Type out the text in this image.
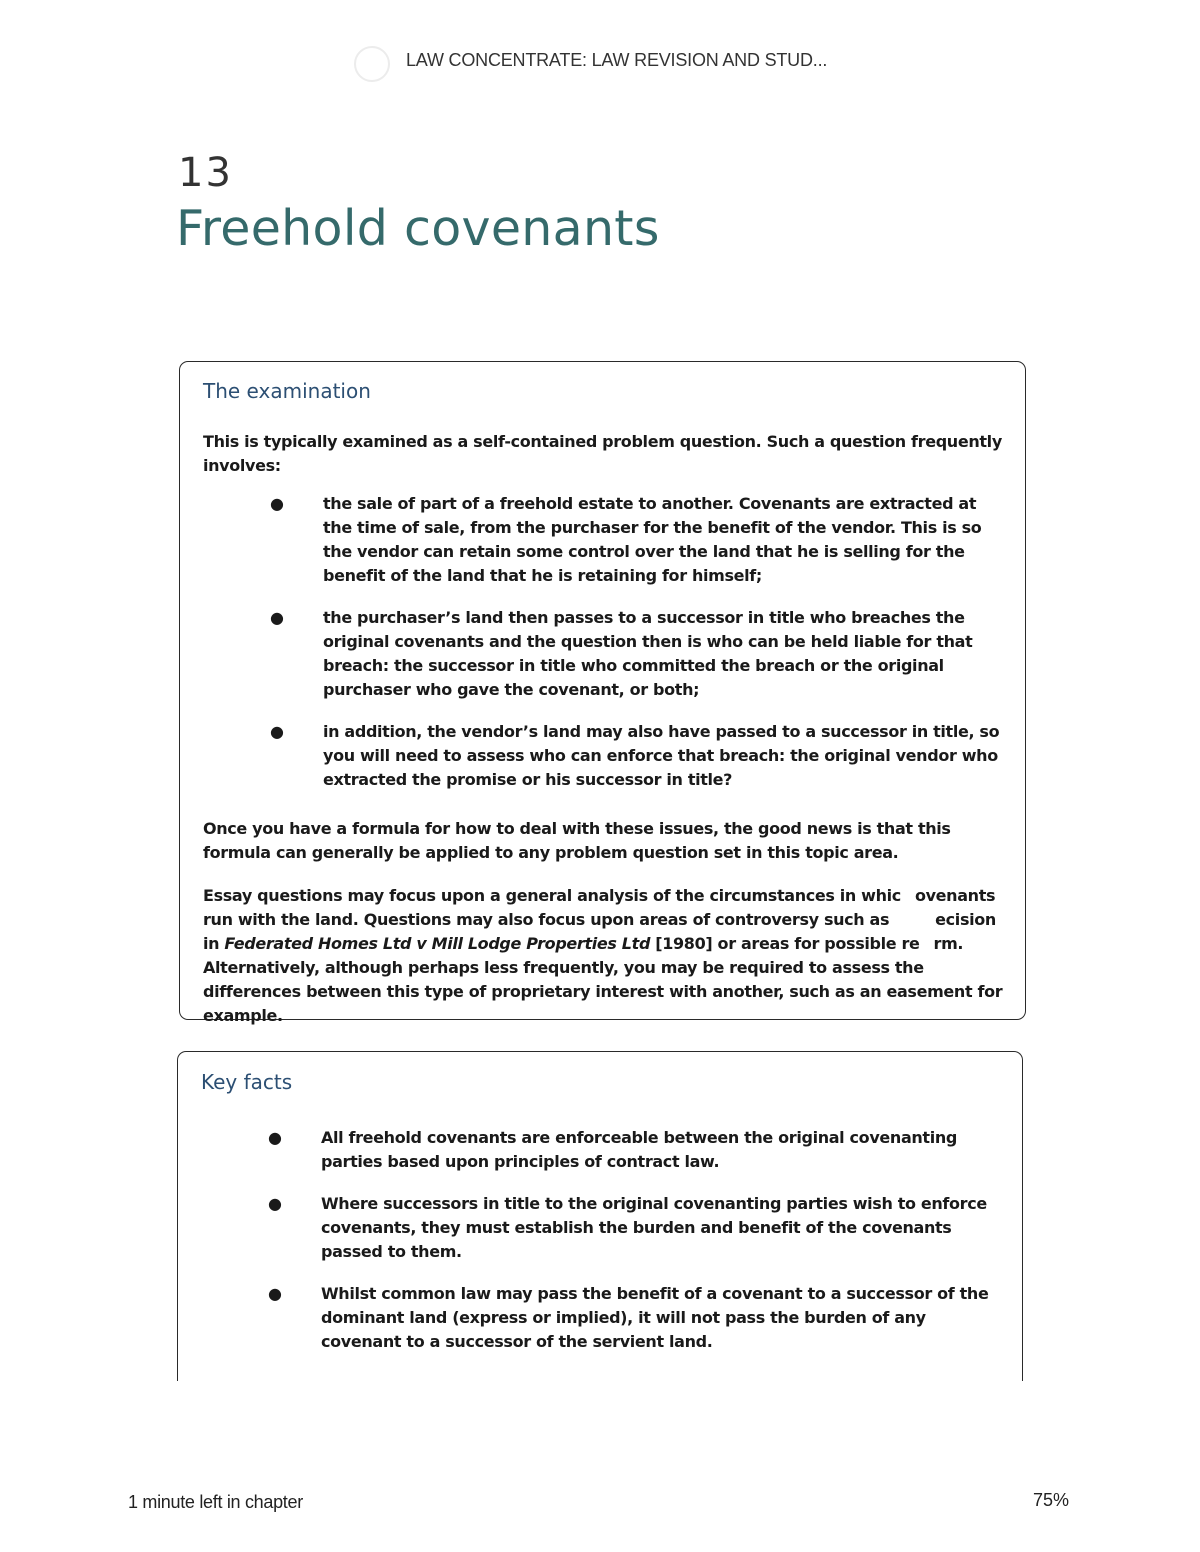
LAW CONCENTRATE: LAW REVISION AND STUD...
13
Freehold covenants
The examination

This is typically examined as a self-contained problem question. Such a question frequently involves:

●	the sale of part of a freehold estate to another. Covenants are extracted at the time of sale, from the purchaser for the benefit of the vendor. This is so the vendor can retain some control over the land that he is selling for the benefit of the land that he is retaining for himself;
●	the purchaser’s land then passes to a successor in title who breaches the original covenants and the question then is who can be held liable for that breach: the successor in title who committed the breach or the original purchaser who gave the covenant, or both;
●	in addition, the vendor’s land may also have passed to a successor in title, so you will need to assess who can enforce that breach: the original vendor who extracted the promise or his successor in title?

Once you have a formula for how to deal with these issues, the good news is that this formula can generally be applied to any problem question set in this topic area.

Essay questions may focus upon a general analysis of the circumstances in whic ovenants run with the land. Questions may also focus upon areas of controversy such as	ecision in Federated Homes Ltd v Mill Lodge Properties Ltd [1980] or areas for possible re rm. Alternatively, although perhaps less frequently, you may be required to assess the differences between this type of proprietary interest with another, such as an easement for example.

Key facts
●	All freehold covenants are enforceable between the original covenanting parties based upon principles of contract law.
●	Where successors in title to the original covenanting parties wish to enforce covenants, they must establish the burden and benefit of the covenants passed to them.
●	Whilst common law may pass the benefit of a covenant to a successor of the dominant land (express or implied), it will not pass the burden of any covenant to a successor of the servient land.
1 minute left in chapter	75%
